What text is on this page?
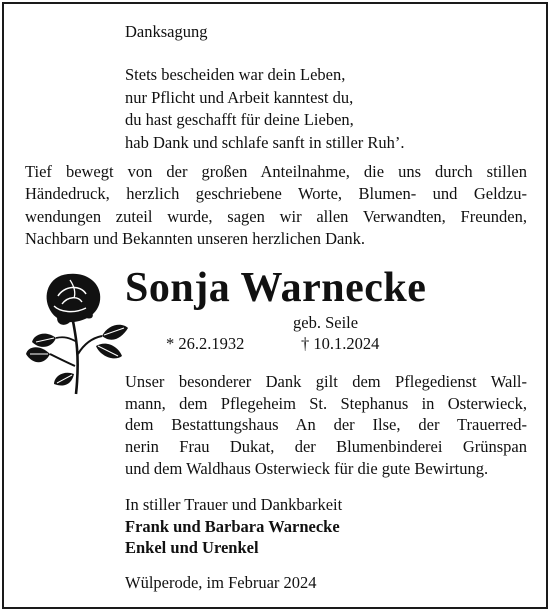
Danksagung
Stets bescheiden war dein Leben,
nur Pflicht und Arbeit kanntest du,
du hast geschafft für deine Lieben,
hab Dank und schlafe sanft in stiller Ruh’.
Tief bewegt von der großen Anteilnahme, die uns durch stillen
Händedruck, herzlich geschriebene Worte, Blumen- und Geldzu-
wendungen zuteil wurde, sagen wir allen Verwandten, Freunden,
Nachbarn und Bekannten unseren herzlichen Dank.
Sonja Warnecke
geb. Seile
* 26.2.1932	† 10.1.2024
Unser besonderer Dank gilt dem Pflegedienst Wall-
mann, dem Pflegeheim St. Stephanus in Osterwieck,
dem Bestattungshaus An der Ilse, der Trauerred-
nerin Frau Dukat, der Blumenbinderei Grünspan
und dem Waldhaus Osterwieck für die gute Bewirtung.
In stiller Trauer und Dankbarkeit
Frank und Barbara Warnecke
Enkel und Urenkel
Wülperode, im Februar 2024
